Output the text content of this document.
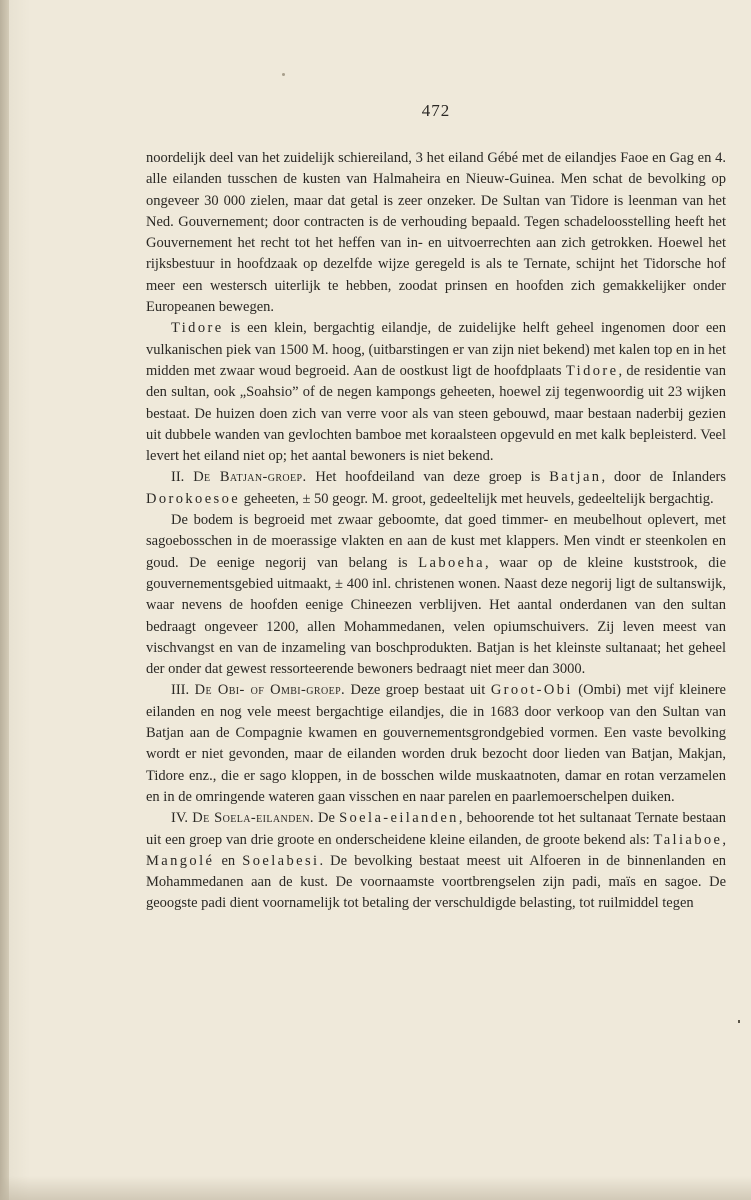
472

noordelijk deel van het zuidelijk schiereiland, 3 het eiland Gébé met de eilandjes Faoe en Gag en 4. alle eilanden tusschen de kusten van Halmaheira en Nieuw-Guinea. Men schat de bevolking op ongeveer 30 000 zielen, maar dat getal is zeer onzeker. De Sultan van Tidore is leenman van het Ned. Gouvernement; door contracten is de verhouding bepaald. Tegen schadeloosstelling heeft het Gouvernement het recht tot het heffen van in- en uitvoerrechten aan zich getrokken. Hoewel het rijksbestuur in hoofdzaak op dezelfde wijze geregeld is als te Ternate, schijnt het Tidorsche hof meer een westersch uiterlijk te hebben, zoodat prinsen en hoofden zich gemakkelijker onder Europeanen bewegen.

Tidore is een klein, bergachtig eilandje, de zuidelijke helft geheel ingenomen door een vulkanischen piek van 1500 M. hoog, (uitbarstingen er van zijn niet bekend) met kalen top en in het midden met zwaar woud begroeid. Aan de oostkust ligt de hoofdplaats Tidore, de residentie van den sultan, ook „Soahsio” of de negen kampongs geheeten, hoewel zij tegenwoordig uit 23 wijken bestaat. De huizen doen zich van verre voor als van steen gebouwd, maar bestaan naderbij gezien uit dubbele wanden van gevlochten bamboe met koraalsteen opgevuld en met kalk bepleisterd. Veel levert het eiland niet op; het aantal bewoners is niet bekend.

II. De Batjan-groep. Het hoofdeiland van deze groep is Batjan, door de Inlanders Dorokoesoe geheeten, ± 50 geogr. M. groot, gedeeltelijk met heuvels, gedeeltelijk bergachtig.

De bodem is begroeid met zwaar geboomte, dat goed timmer- en meubelhout oplevert, met sagoebosschen in de moerassige vlakten en aan de kust met klappers. Men vindt er steenkolen en goud. De eenige negorij van belang is Laboeha, waar op de kleine kuststrook, die gouvernementsgebied uitmaakt, ± 400 inl. christenen wonen. Naast deze negorij ligt de sultanswijk, waar nevens de hoofden eenige Chineezen verblijven. Het aantal onderdanen van den sultan bedraagt ongeveer 1200, allen Mohammedanen, velen opiumschuivers. Zij leven meest van vischvangst en van de inzameling van boschprodukten. Batjan is het kleinste sultanaat; het geheel der onder dat gewest ressorteerende bewoners bedraagt niet meer dan 3000.

III. De Obi- of Ombi-groep. Deze groep bestaat uit Groot-Obi (Ombi) met vijf kleinere eilanden en nog vele meest bergachtige eilandjes, die in 1683 door verkoop van den Sultan van Batjan aan de Compagnie kwamen en gouvernementsgrondgebied vormen. Een vaste bevolking wordt er niet gevonden, maar de eilanden worden druk bezocht door lieden van Batjan, Makjan, Tidore enz., die er sago kloppen, in de bosschen wilde muskaatnoten, damar en rotan verzamelen en in de omringende wateren gaan visschen en naar parelen en paarlemoerschelpen duiken.

IV. De Soela-eilanden. De Soela-eilanden, behoorende tot het sultanaat Ternate bestaan uit een groep van drie groote en onderscheidene kleine eilanden, de groote bekend als: Taliaboe, Mangolé en Soelabesi. De bevolking bestaat meest uit Alfoeren in de binnenlanden en Mohammedanen aan de kust. De voornaamste voortbrengselen zijn padi, maïs en sagoe. De geoogste padi dient voornamelijk tot betaling der verschuldigde belasting, tot ruilmiddel tegen
